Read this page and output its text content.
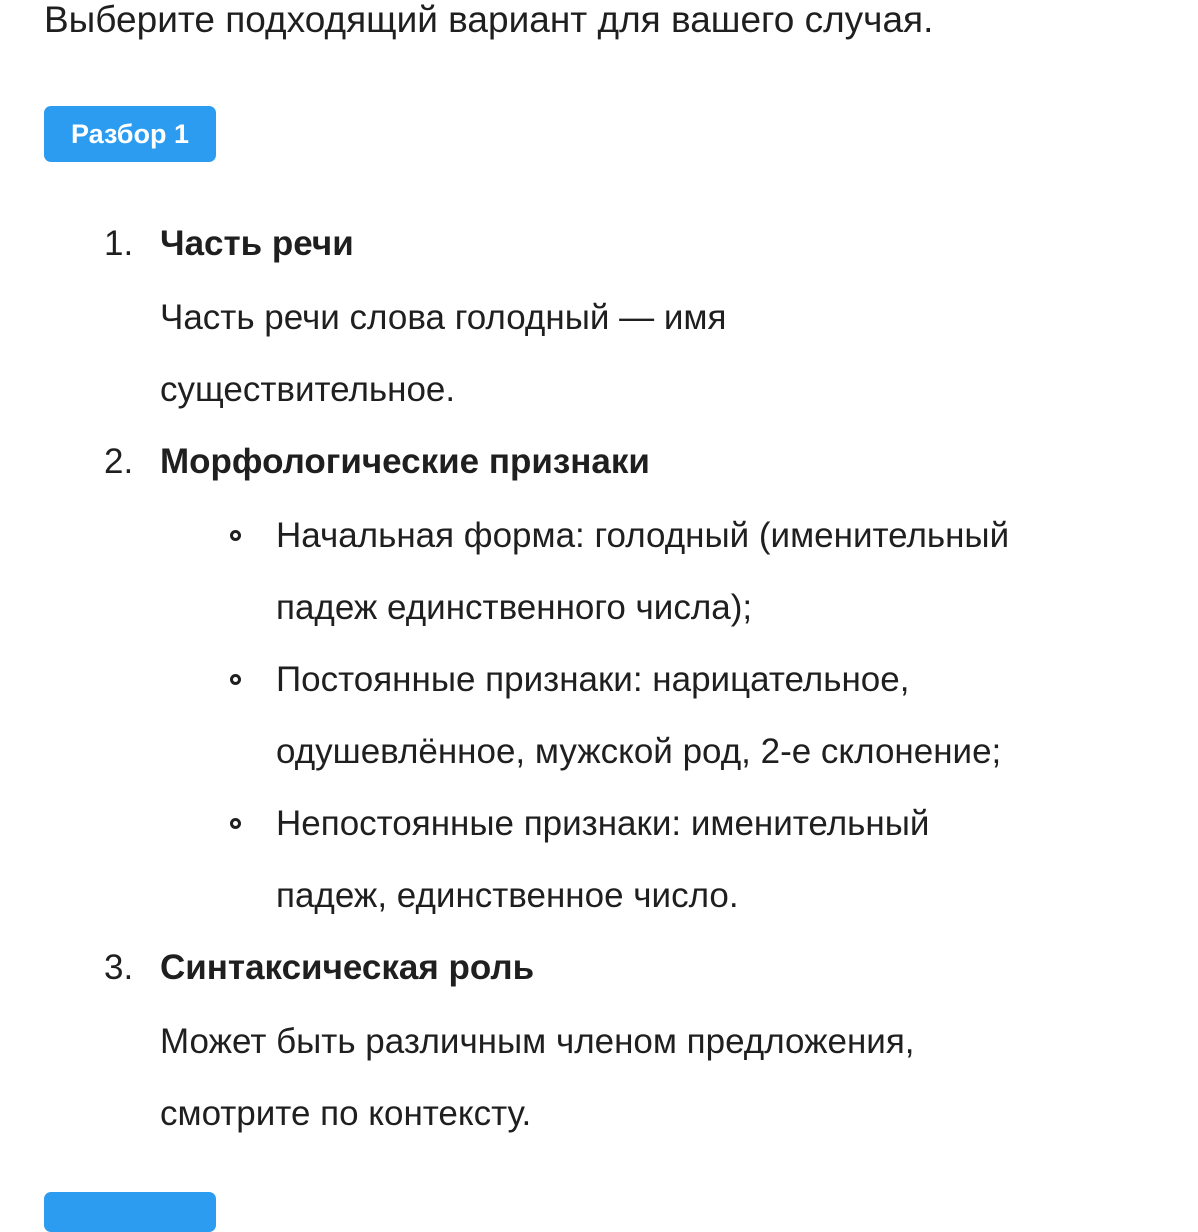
Выберите подходящий вариант для вашего случая.
Разбор 1
1. Часть речи
Часть речи слова голодный — имя
существительное.
2. Морфологические признаки
Начальная форма: голодный (именительный
падеж единственного числа);
Постоянные признаки: нарицательное,
одушевлённое, мужской род, 2-е склонение;
Непостоянные признаки: именительный
падеж, единственное число.
3. Синтаксическая роль
Может быть различным членом предложения,
смотрите по контексту.
